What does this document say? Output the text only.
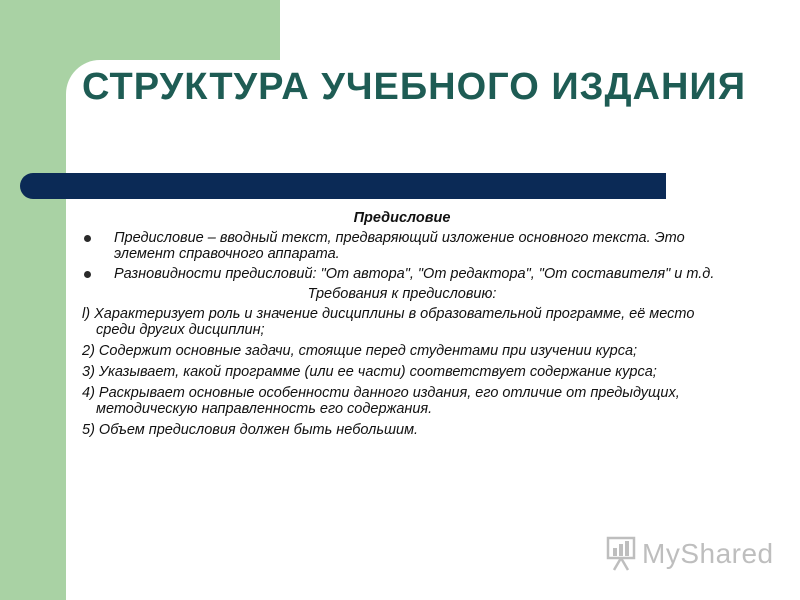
СТРУКТУРА УЧЕБНОГО ИЗДАНИЯ
Предисловие
Предисловие – вводный текст, предваряющий изложение основного текста. Это элемент справочного аппарата.
Разновидности предисловий: "От автора", "От редактора", "От составителя" и т.д.
Требования к предисловию:
l) Характеризует роль и значение дисциплины в образовательной программе, её место среди других дисциплин;
2) Содержит основные задачи, стоящие перед студентами при изучении курса;
3) Указывает, какой программе (или ее части) соответствует содержание курса;
4) Раскрывает основные особенности данного издания, его отличие от предыдущих, методическую направленность его содержания.
5) Объем предисловия должен быть небольшим.
MyShared
